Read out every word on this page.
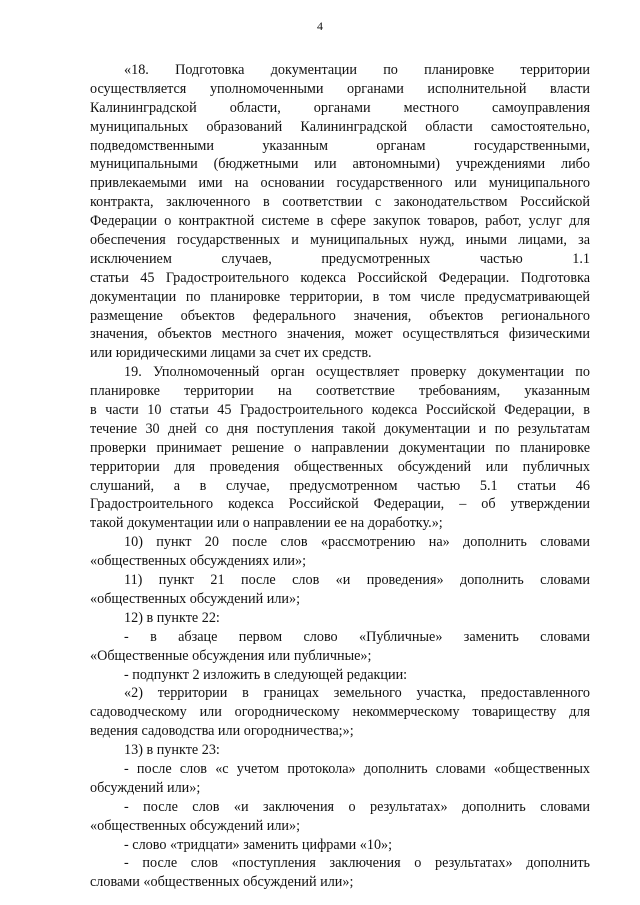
4
«18. Подготовка документации по планировке территории
осуществляется уполномоченными органами исполнительной власти
Калининградской области, органами местного самоуправления
муниципальных образований Калининградской области самостоятельно,
подведомственными указанным органам государственными,
муниципальными (бюджетными или автономными) учреждениями либо
привлекаемыми ими на основании государственного или муниципального
контракта, заключенного в соответствии с законодательством Российской
Федерации о контрактной системе в сфере закупок товаров, работ, услуг для
обеспечения государственных и муниципальных нужд, иными лицами, за
исключением случаев, предусмотренных частью 1.1
статьи 45 Градостроительного кодекса Российской Федерации. Подготовка
документации по планировке территории, в том числе предусматривающей
размещение объектов федерального значения, объектов регионального
значения, объектов местного значения, может осуществляться физическими
или юридическими лицами за счет их средств.
19. Уполномоченный орган осуществляет проверку документации по
планировке территории на соответствие требованиям, указанным
в части 10 статьи 45 Градостроительного кодекса Российской Федерации, в
течение 30 дней со дня поступления такой документации и по результатам
проверки принимает решение о направлении документации по планировке
территории для проведения общественных обсуждений или публичных
слушаний, а в случае, предусмотренном частью 5.1 статьи 46
Градостроительного кодекса Российской Федерации, – об утверждении
такой документации или о направлении ее на доработку.»;
10) пункт 20 после слов «рассмотрению на» дополнить словами
«общественных обсуждениях или»;
11) пункт 21 после слов «и проведения» дополнить словами
«общественных обсуждений или»;
12) в пункте 22:
- в абзаце первом слово «Публичные» заменить словами
«Общественные обсуждения или публичные»;
- подпункт 2 изложить в следующей редакции:
«2) территории в границах земельного участка, предоставленного
садоводческому или огородническому некоммерческому товариществу для
ведения садоводства или огородничества;»;
13) в пункте 23:
- после слов «с учетом протокола» дополнить словами «общественных
обсуждений или»;
- после слов «и заключения о результатах» дополнить словами
«общественных обсуждений или»;
- слово «тридцати» заменить цифрами «10»;
- после слов «поступления заключения о результатах» дополнить
словами «общественных обсуждений или»;
